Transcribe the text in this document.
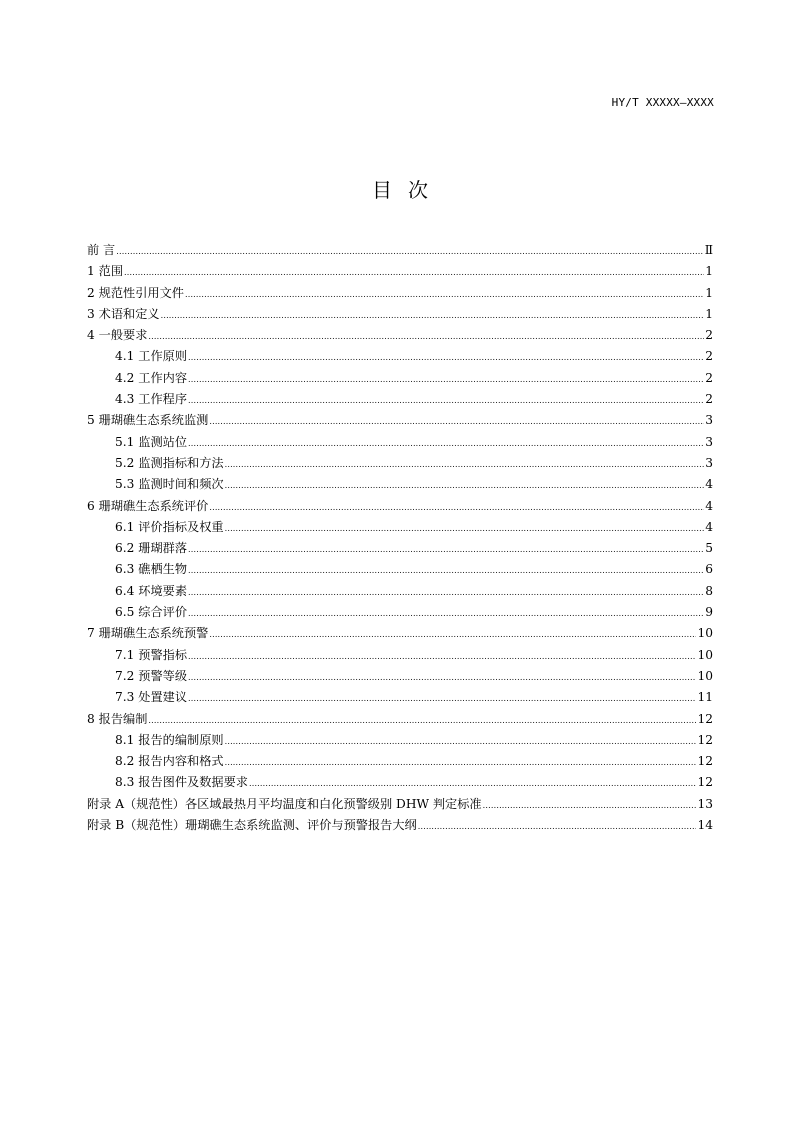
HY/T XXXXX—XXXX
目次
前 言 .....	Ⅱ
1 范围 .....	1
2 规范性引用文件 .....	1
3 术语和定义 .....	1
4 一般要求 .....	2
4.1 工作原则 .....	2
4.2 工作内容 .....	2
4.3 工作程序 .....	2
5 珊瑚礁生态系统监测 .....	3
5.1 监测站位 .....	3
5.2 监测指标和方法 .....	3
5.3 监测时间和频次 .....	4
6 珊瑚礁生态系统评价 .....	4
6.1 评价指标及权重 .....	4
6.2 珊瑚群落 .....	5
6.3 礁栖生物 .....	6
6.4 环境要素 .....	8
6.5 综合评价 .....	9
7 珊瑚礁生态系统预警 .....	10
7.1 预警指标 .....	10
7.2 预警等级 .....	10
7.3 处置建议 .....	11
8 报告编制 .....	12
8.1 报告的编制原则 .....	12
8.2 报告内容和格式 .....	12
8.3 报告图件及数据要求 .....	12
附录 A（规范性）各区域最热月平均温度和白化预警级别 DHW 判定标准 .....	13
附录 B（规范性）珊瑚礁生态系统监测、评价与预警报告大纲 .....	14
